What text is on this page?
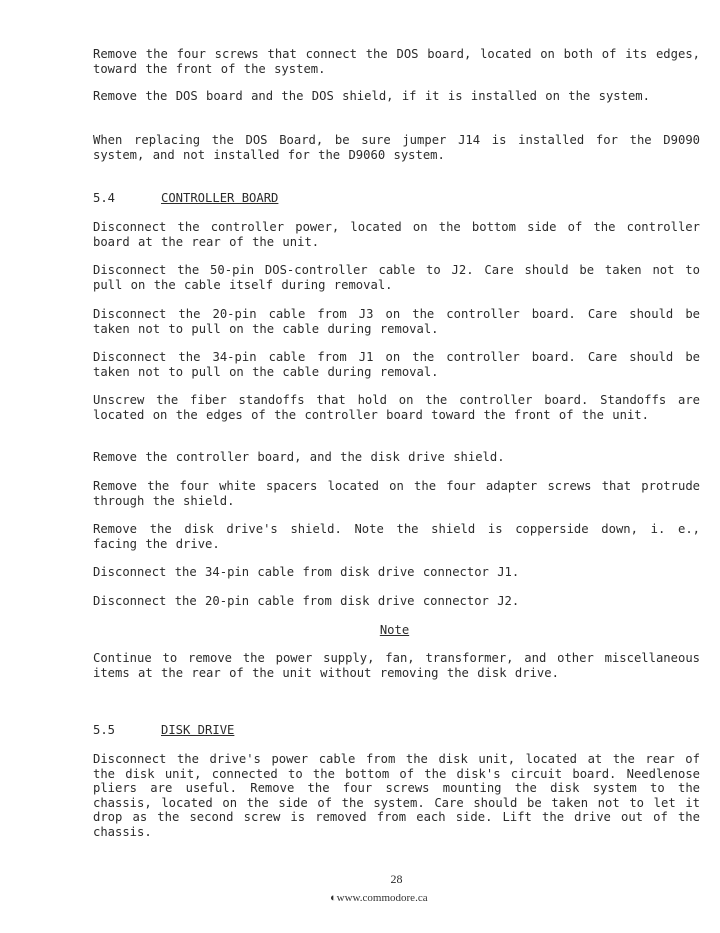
Remove the four screws that connect the DOS board, located on both of its edges, toward the front of the system.

Remove the DOS board and the DOS shield, if it is installed on the system.

When replacing the DOS Board, be sure jumper J14 is installed for the D9090 system, and not installed for the D9060 system.

5.4	CONTROLLER BOARD

Disconnect the controller power, located on the bottom side of the controller board at the rear of the unit.

Disconnect the 50-pin DOS-controller cable to J2. Care should be taken not to pull on the cable itself during removal.

Disconnect the 20-pin cable from J3 on the controller board. Care should be taken not to pull on the cable during removal.

Disconnect the 34-pin cable from J1 on the controller board. Care should be taken not to pull on the cable during removal.

Unscrew the fiber standoffs that hold on the controller board. Standoffs are located on the edges of the controller board toward the front of the unit.

Remove the controller board, and the disk drive shield.

Remove the four white spacers located on the four adapter screws that protrude through the shield.

Remove the disk drive's shield. Note the shield is copperside down, i. e., facing the drive.

Disconnect the 34-pin cable from disk drive connector J1.

Disconnect the 20-pin cable from disk drive connector J2.

Note

Continue to remove the power supply, fan, transformer, and other miscellaneous items at the rear of the unit without removing the disk drive.

5.5	DISK DRIVE

Disconnect the drive's power cable from the disk unit, located at the rear of the disk unit, connected to the bottom of the disk's circuit board. Needlenose pliers are useful. Remove the four screws mounting the disk system to the chassis, located on the side of the system. Care should be taken not to let it drop as the second screw is removed from each side. Lift the drive out of the chassis.

28
◐www.commodore.ca
